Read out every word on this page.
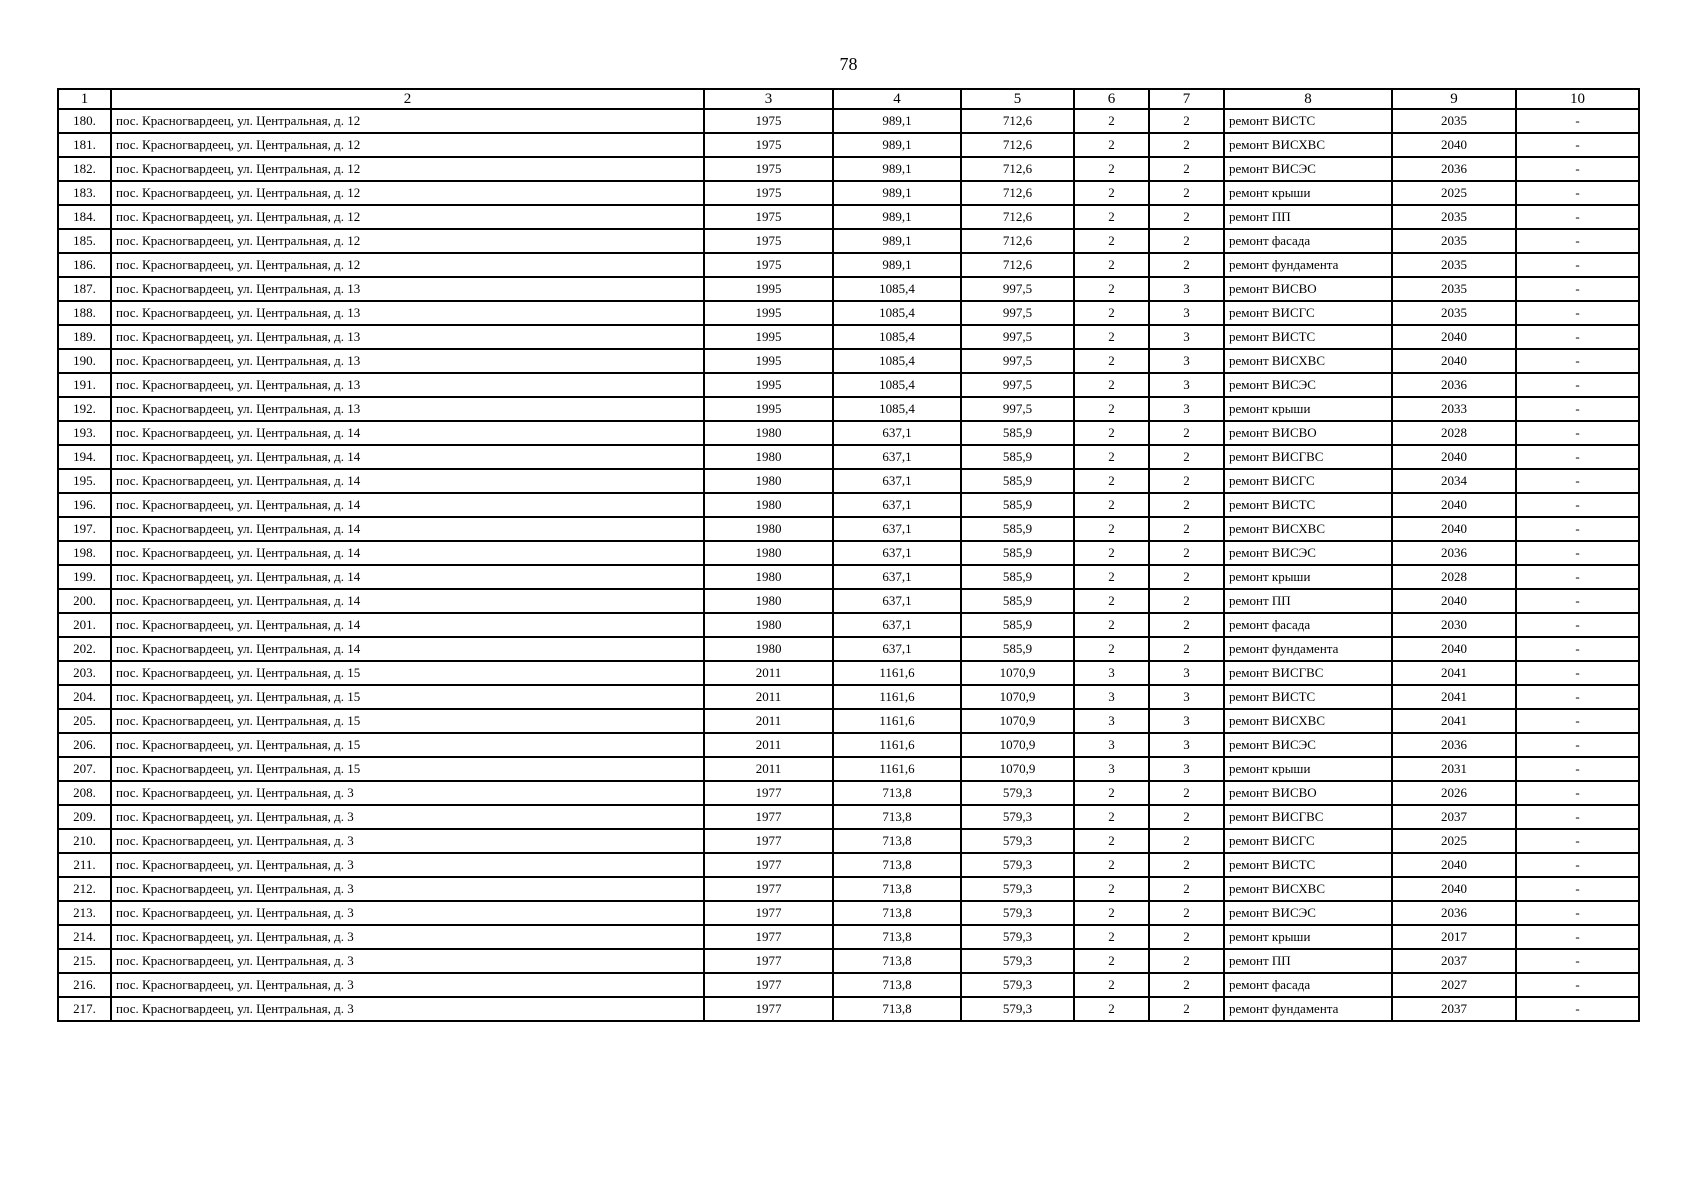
78
1	2	3	4	5	6	7	8	9	10
180.	пос. Красногвардеец, ул. Центральная, д. 12	1975	989,1	712,6	2	2	ремонт ВИСТС	2035	-
181.	пос. Красногвардеец, ул. Центральная, д. 12	1975	989,1	712,6	2	2	ремонт ВИСХВС	2040	-
182.	пос. Красногвардеец, ул. Центральная, д. 12	1975	989,1	712,6	2	2	ремонт ВИСЭС	2036	-
183.	пос. Красногвардеец, ул. Центральная, д. 12	1975	989,1	712,6	2	2	ремонт крыши	2025	-
184.	пос. Красногвардеец, ул. Центральная, д. 12	1975	989,1	712,6	2	2	ремонт ПП	2035	-
185.	пос. Красногвардеец, ул. Центральная, д. 12	1975	989,1	712,6	2	2	ремонт фасада	2035	-
186.	пос. Красногвардеец, ул. Центральная, д. 12	1975	989,1	712,6	2	2	ремонт фундамента	2035	-
187.	пос. Красногвардеец, ул. Центральная, д. 13	1995	1085,4	997,5	2	3	ремонт ВИСВО	2035	-
188.	пос. Красногвардеец, ул. Центральная, д. 13	1995	1085,4	997,5	2	3	ремонт ВИСГС	2035	-
189.	пос. Красногвардеец, ул. Центральная, д. 13	1995	1085,4	997,5	2	3	ремонт ВИСТС	2040	-
190.	пос. Красногвардеец, ул. Центральная, д. 13	1995	1085,4	997,5	2	3	ремонт ВИСХВС	2040	-
191.	пос. Красногвардеец, ул. Центральная, д. 13	1995	1085,4	997,5	2	3	ремонт ВИСЭС	2036	-
192.	пос. Красногвардеец, ул. Центральная, д. 13	1995	1085,4	997,5	2	3	ремонт крыши	2033	-
193.	пос. Красногвардеец, ул. Центральная, д. 14	1980	637,1	585,9	2	2	ремонт ВИСВО	2028	-
194.	пос. Красногвардеец, ул. Центральная, д. 14	1980	637,1	585,9	2	2	ремонт ВИСГВС	2040	-
195.	пос. Красногвардеец, ул. Центральная, д. 14	1980	637,1	585,9	2	2	ремонт ВИСГС	2034	-
196.	пос. Красногвардеец, ул. Центральная, д. 14	1980	637,1	585,9	2	2	ремонт ВИСТС	2040	-
197.	пос. Красногвардеец, ул. Центральная, д. 14	1980	637,1	585,9	2	2	ремонт ВИСХВС	2040	-
198.	пос. Красногвардеец, ул. Центральная, д. 14	1980	637,1	585,9	2	2	ремонт ВИСЭС	2036	-
199.	пос. Красногвардеец, ул. Центральная, д. 14	1980	637,1	585,9	2	2	ремонт крыши	2028	-
200.	пос. Красногвардеец, ул. Центральная, д. 14	1980	637,1	585,9	2	2	ремонт ПП	2040	-
201.	пос. Красногвардеец, ул. Центральная, д. 14	1980	637,1	585,9	2	2	ремонт фасада	2030	-
202.	пос. Красногвардеец, ул. Центральная, д. 14	1980	637,1	585,9	2	2	ремонт фундамента	2040	-
203.	пос. Красногвардеец, ул. Центральная, д. 15	2011	1161,6	1070,9	3	3	ремонт ВИСГВС	2041	-
204.	пос. Красногвардеец, ул. Центральная, д. 15	2011	1161,6	1070,9	3	3	ремонт ВИСТС	2041	-
205.	пос. Красногвардеец, ул. Центральная, д. 15	2011	1161,6	1070,9	3	3	ремонт ВИСХВС	2041	-
206.	пос. Красногвардеец, ул. Центральная, д. 15	2011	1161,6	1070,9	3	3	ремонт ВИСЭС	2036	-
207.	пос. Красногвардеец, ул. Центральная, д. 15	2011	1161,6	1070,9	3	3	ремонт крыши	2031	-
208.	пос. Красногвардеец, ул. Центральная, д. 3	1977	713,8	579,3	2	2	ремонт ВИСВО	2026	-
209.	пос. Красногвардеец, ул. Центральная, д. 3	1977	713,8	579,3	2	2	ремонт ВИСГВС	2037	-
210.	пос. Красногвардеец, ул. Центральная, д. 3	1977	713,8	579,3	2	2	ремонт ВИСГС	2025	-
211.	пос. Красногвардеец, ул. Центральная, д. 3	1977	713,8	579,3	2	2	ремонт ВИСТС	2040	-
212.	пос. Красногвардеец, ул. Центральная, д. 3	1977	713,8	579,3	2	2	ремонт ВИСХВС	2040	-
213.	пос. Красногвардеец, ул. Центральная, д. 3	1977	713,8	579,3	2	2	ремонт ВИСЭС	2036	-
214.	пос. Красногвардеец, ул. Центральная, д. 3	1977	713,8	579,3	2	2	ремонт крыши	2017	-
215.	пос. Красногвардеец, ул. Центральная, д. 3	1977	713,8	579,3	2	2	ремонт ПП	2037	-
216.	пос. Красногвардеец, ул. Центральная, д. 3	1977	713,8	579,3	2	2	ремонт фасада	2027	-
217.	пос. Красногвардеец, ул. Центральная, д. 3	1977	713,8	579,3	2	2	ремонт фундамента	2037	-
